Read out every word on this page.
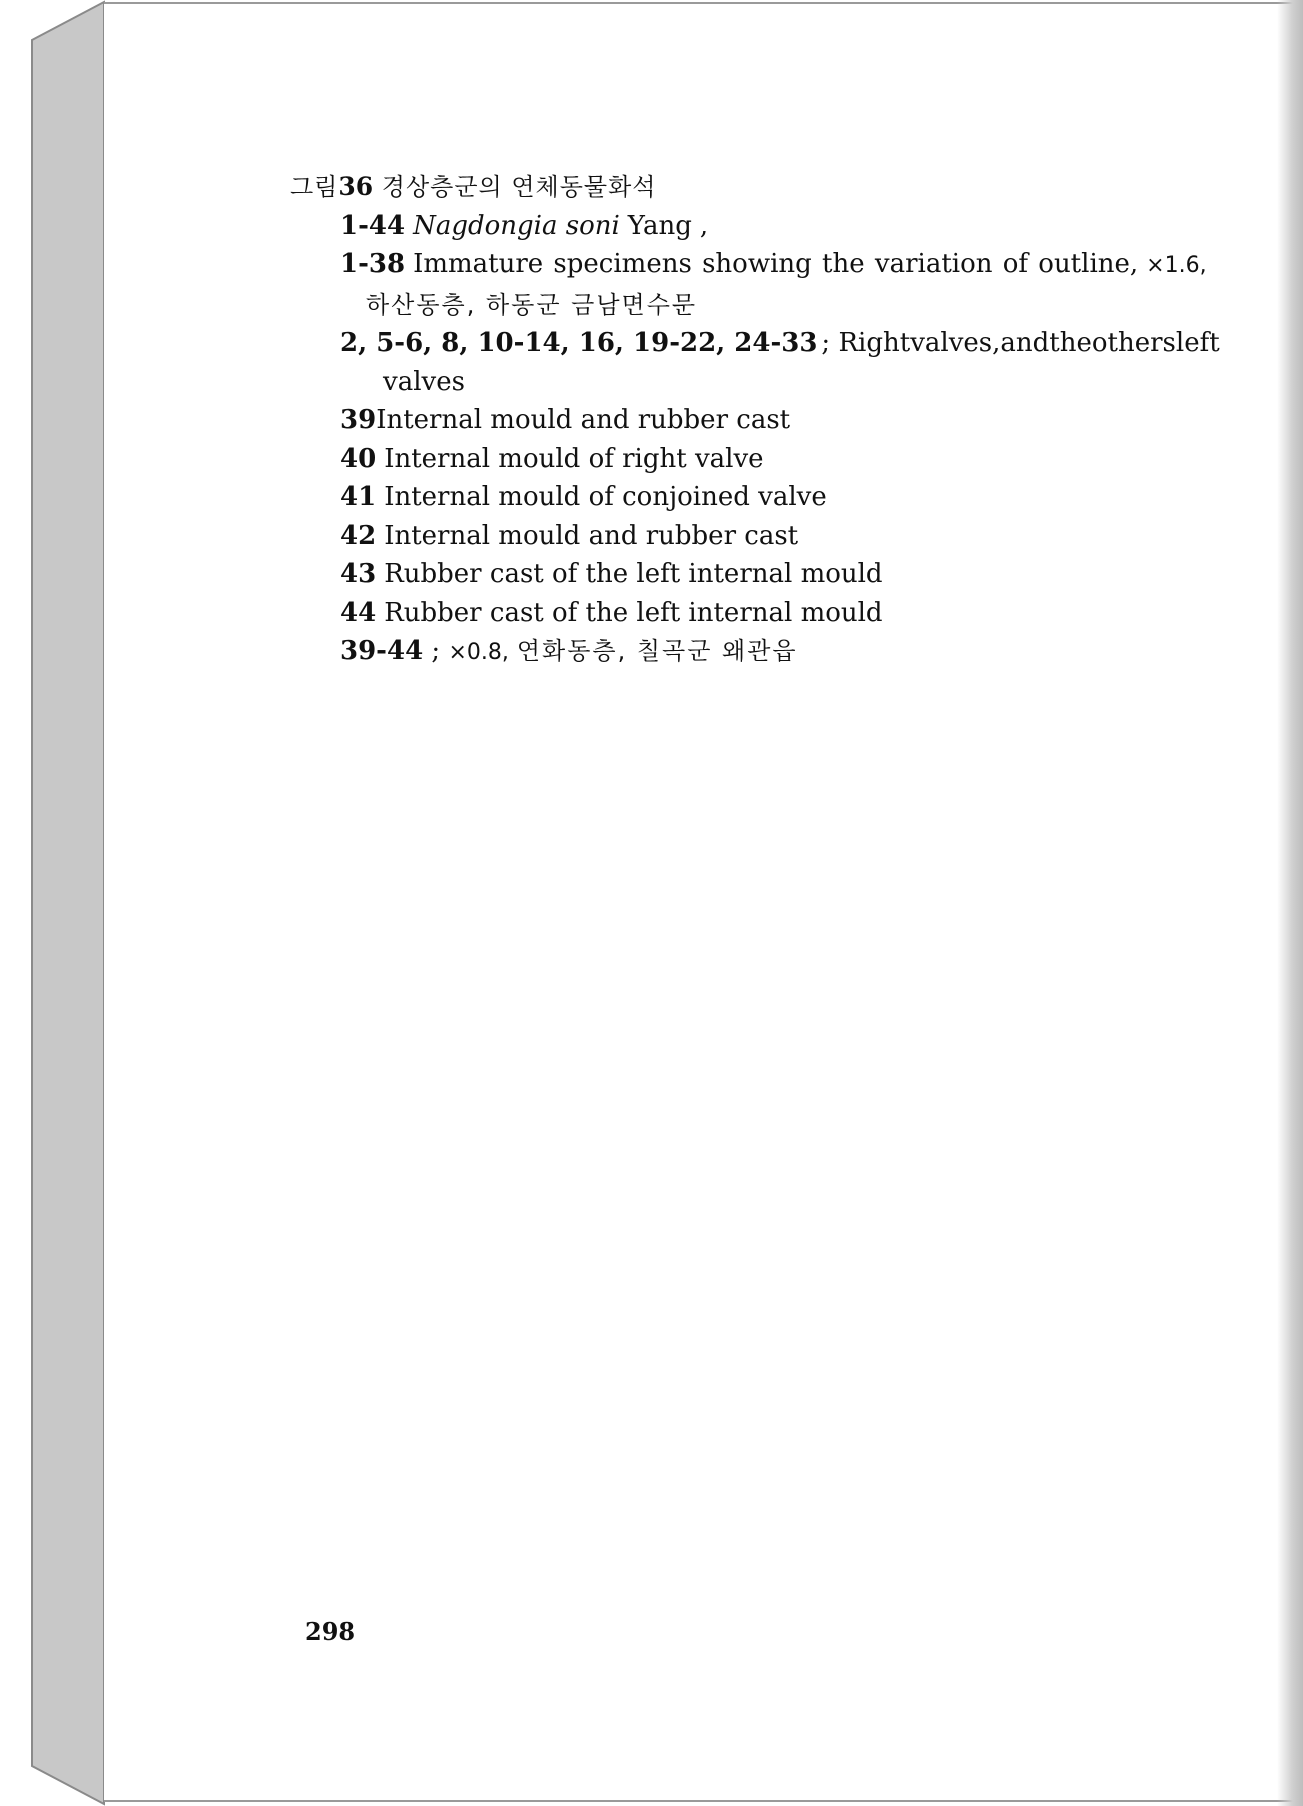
그림36 경상층군의 연체동물화석
1-44 Nagdongia soni Yang ,
1-38 Immature specimens showing the variation of outline, ×1.6,
하산동층, 하동군 금남면수문
2, 5-6, 8, 10-14, 16, 19-22, 24-33 ; Right valves, and the others left
valves
39Internal mould and rubber cast
40 Internal mould of right valve
41 Internal mould of conjoined valve
42 Internal mould and rubber cast
43 Rubber cast of the left internal mould
44 Rubber cast of the left internal mould
39-44 ; ×0.8, 연화동층, 칠곡군 왜관읍
298
